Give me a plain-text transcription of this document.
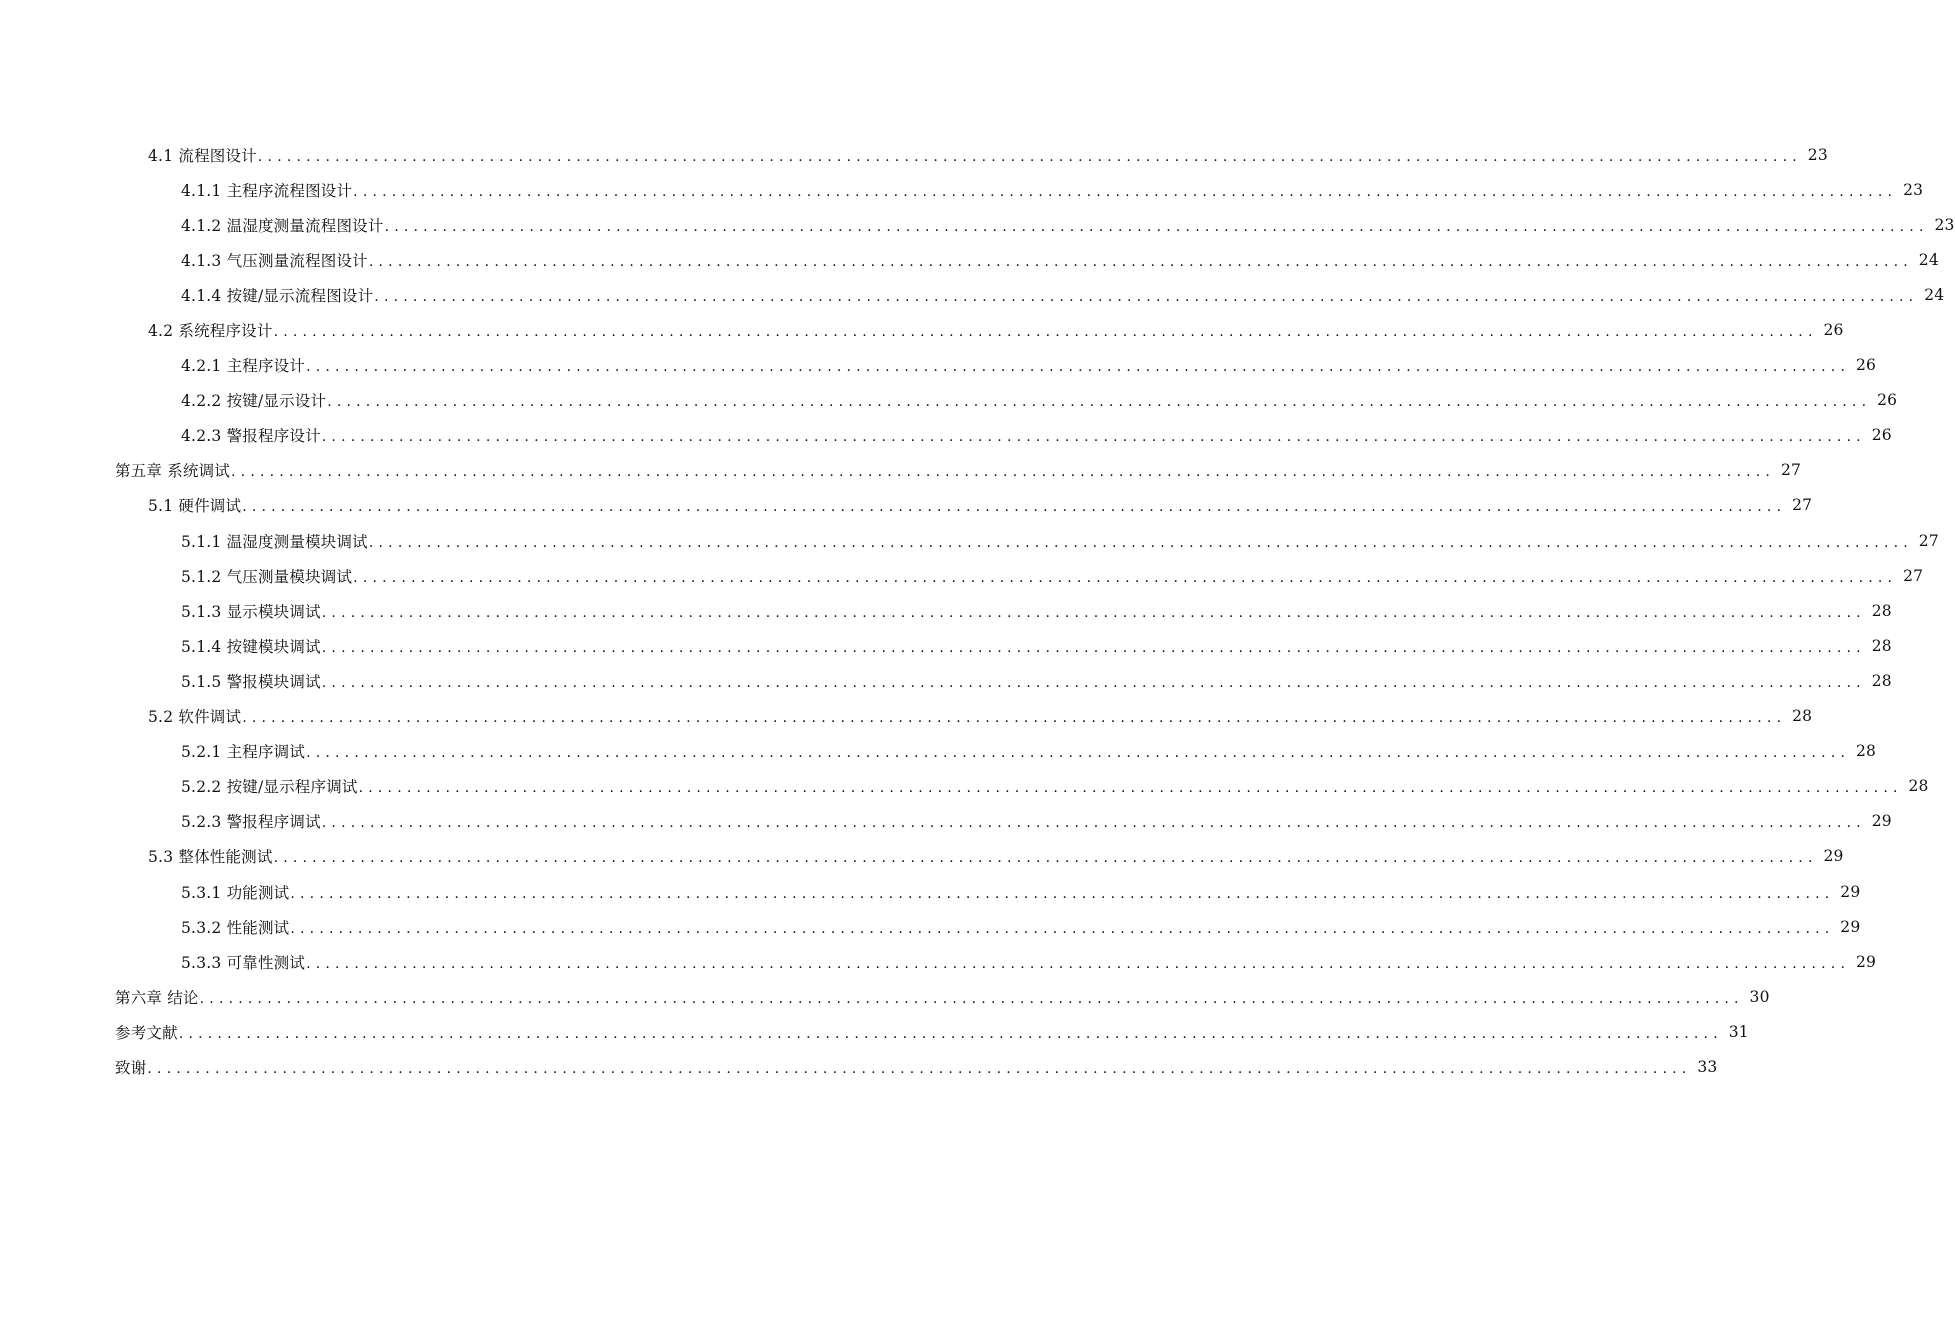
4.1 流程图设计 ................................................................................................................................................................ 23
4.1.1 主程序流程图设计 ................................................................................................................................................................ 23
4.1.2 温湿度测量流程图设计 ................................................................................................................................................................ 23
4.1.3 气压测量流程图设计 ................................................................................................................................................................ 24
4.1.4 按键/显示流程图设计 ................................................................................................................................................................ 24
4.2 系统程序设计 ................................................................................................................................................................ 26
4.2.1 主程序设计 ................................................................................................................................................................ 26
4.2.2 按键/显示设计 ................................................................................................................................................................ 26
4.2.3 警报程序设计 ................................................................................................................................................................ 26
第五章 系统调试 ................................................................................................................................................................ 27
5.1 硬件调试 ................................................................................................................................................................ 27
5.1.1 温湿度测量模块调试 ................................................................................................................................................................ 27
5.1.2 气压测量模块调试 ................................................................................................................................................................ 27
5.1.3 显示模块调试 ................................................................................................................................................................ 28
5.1.4 按键模块调试 ................................................................................................................................................................ 28
5.1.5 警报模块调试 ................................................................................................................................................................ 28
5.2 软件调试 ................................................................................................................................................................ 28
5.2.1 主程序调试 ................................................................................................................................................................ 28
5.2.2 按键/显示程序调试 ................................................................................................................................................................ 28
5.2.3 警报程序调试 ................................................................................................................................................................ 29
5.3 整体性能测试 ................................................................................................................................................................ 29
5.3.1 功能测试 ................................................................................................................................................................ 29
5.3.2 性能测试 ................................................................................................................................................................ 29
5.3.3 可靠性测试 ................................................................................................................................................................ 29
第六章 结论 ................................................................................................................................................................ 30
参考文献 ................................................................................................................................................................ 31
致谢 ................................................................................................................................................................ 33
